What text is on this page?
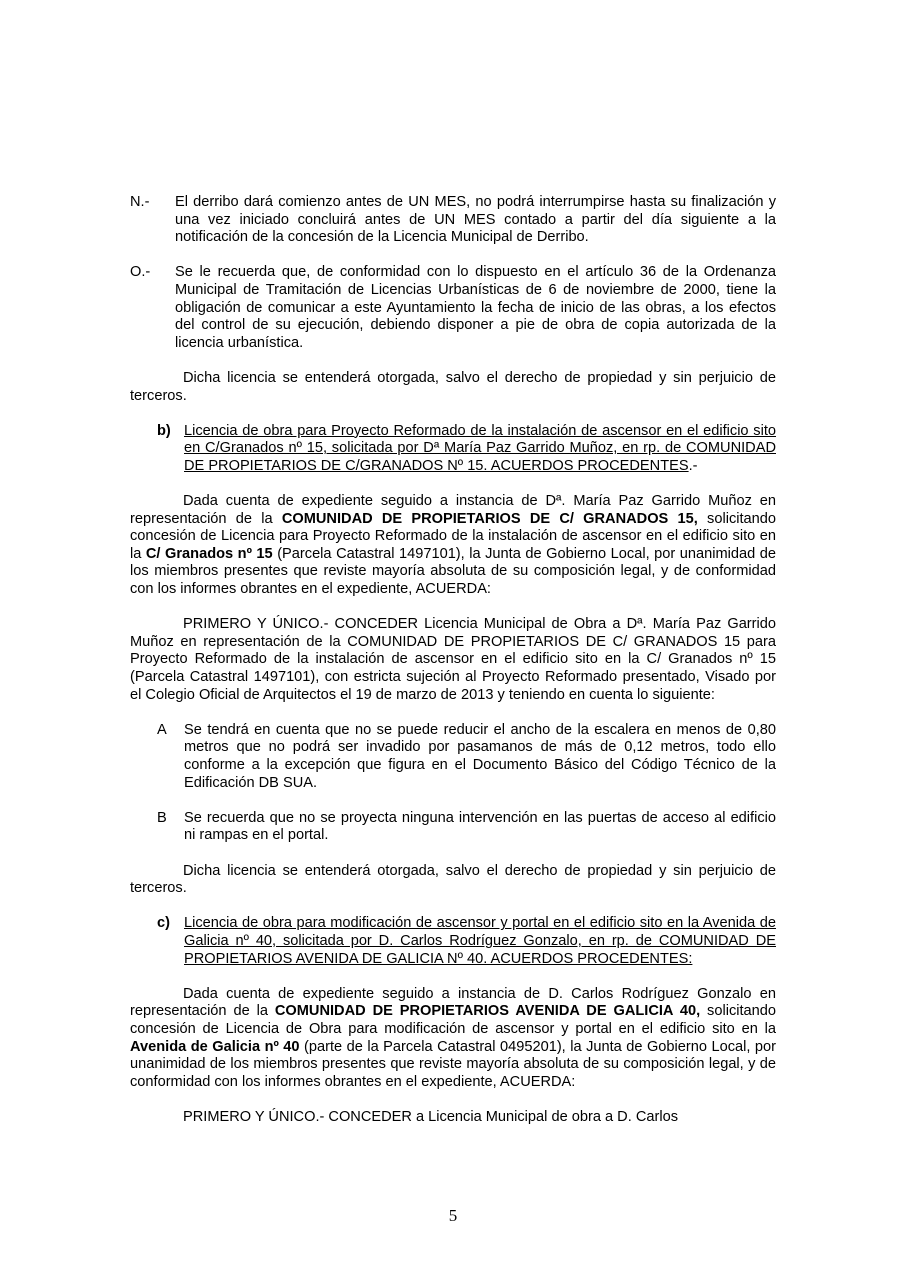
N.- El derribo dará comienzo antes de UN MES, no podrá interrumpirse hasta su finalización y una vez iniciado concluirá antes de UN MES contado a partir del día siguiente a la notificación de la concesión de la Licencia Municipal de Derribo.
O.- Se le recuerda que, de conformidad con lo dispuesto en el artículo 36 de la Ordenanza Municipal de Tramitación de Licencias Urbanísticas de 6 de noviembre de 2000, tiene la obligación de comunicar a este Ayuntamiento la fecha de inicio de las obras, a los efectos del control de su ejecución, debiendo disponer a pie de obra de copia autorizada de la licencia urbanística.

Dicha licencia se entenderá otorgada, salvo el derecho de propiedad y sin perjuicio de terceros.

b) Licencia de obra para Proyecto Reformado de la instalación de ascensor en el edificio sito en C/Granados nº 15, solicitada por Dª María Paz Garrido Muñoz, en rp. de COMUNIDAD DE PROPIETARIOS DE C/GRANADOS Nº 15. ACUERDOS PROCEDENTES.-

Dada cuenta de expediente seguido a instancia de Dª. María Paz Garrido Muñoz en representación de la COMUNIDAD DE PROPIETARIOS DE C/ GRANADOS 15, solicitando concesión de Licencia para Proyecto Reformado de la instalación de ascensor en el edificio sito en la C/ Granados nº 15 (Parcela Catastral 1497101), la Junta de Gobierno Local, por unanimidad de los miembros presentes que reviste mayoría absoluta de su composición legal, y de conformidad con los informes obrantes en el expediente, ACUERDA:

PRIMERO Y ÚNICO.- CONCEDER Licencia Municipal de Obra a Dª. María Paz Garrido Muñoz en representación de la COMUNIDAD DE PROPIETARIOS DE C/ GRANADOS 15 para Proyecto Reformado de la instalación de ascensor en el edificio sito en la C/ Granados nº 15 (Parcela Catastral 1497101), con estricta sujeción al Proyecto Reformado presentado, Visado por el Colegio Oficial de Arquitectos el 19 de marzo de 2013 y teniendo en cuenta lo siguiente:

A Se tendrá en cuenta que no se puede reducir el ancho de la escalera en menos de 0,80 metros que no podrá ser invadido por pasamanos de más de 0,12 metros, todo ello conforme a la excepción que figura en el Documento Básico del Código Técnico de la Edificación DB SUA.
B Se recuerda que no se proyecta ninguna intervención en las puertas de acceso al edificio ni rampas en el portal.

Dicha licencia se entenderá otorgada, salvo el derecho de propiedad y sin perjuicio de terceros.

c) Licencia de obra para modificación de ascensor y portal en el edificio sito en la Avenida de Galicia nº 40, solicitada por D. Carlos Rodríguez Gonzalo, en rp. de COMUNIDAD DE PROPIETARIOS AVENIDA DE GALICIA Nº 40. ACUERDOS PROCEDENTES:

Dada cuenta de expediente seguido a instancia de D. Carlos Rodríguez Gonzalo en representación de la COMUNIDAD DE PROPIETARIOS AVENIDA DE GALICIA 40, solicitando concesión de Licencia de Obra para modificación de ascensor y portal en el edificio sito en la Avenida de Galicia nº 40 (parte de la Parcela Catastral 0495201), la Junta de Gobierno Local, por unanimidad de los miembros presentes que reviste mayoría absoluta de su composición legal, y de conformidad con los informes obrantes en el expediente, ACUERDA:

PRIMERO Y ÚNICO.- CONCEDER a Licencia Municipal de obra a D. Carlos

5
